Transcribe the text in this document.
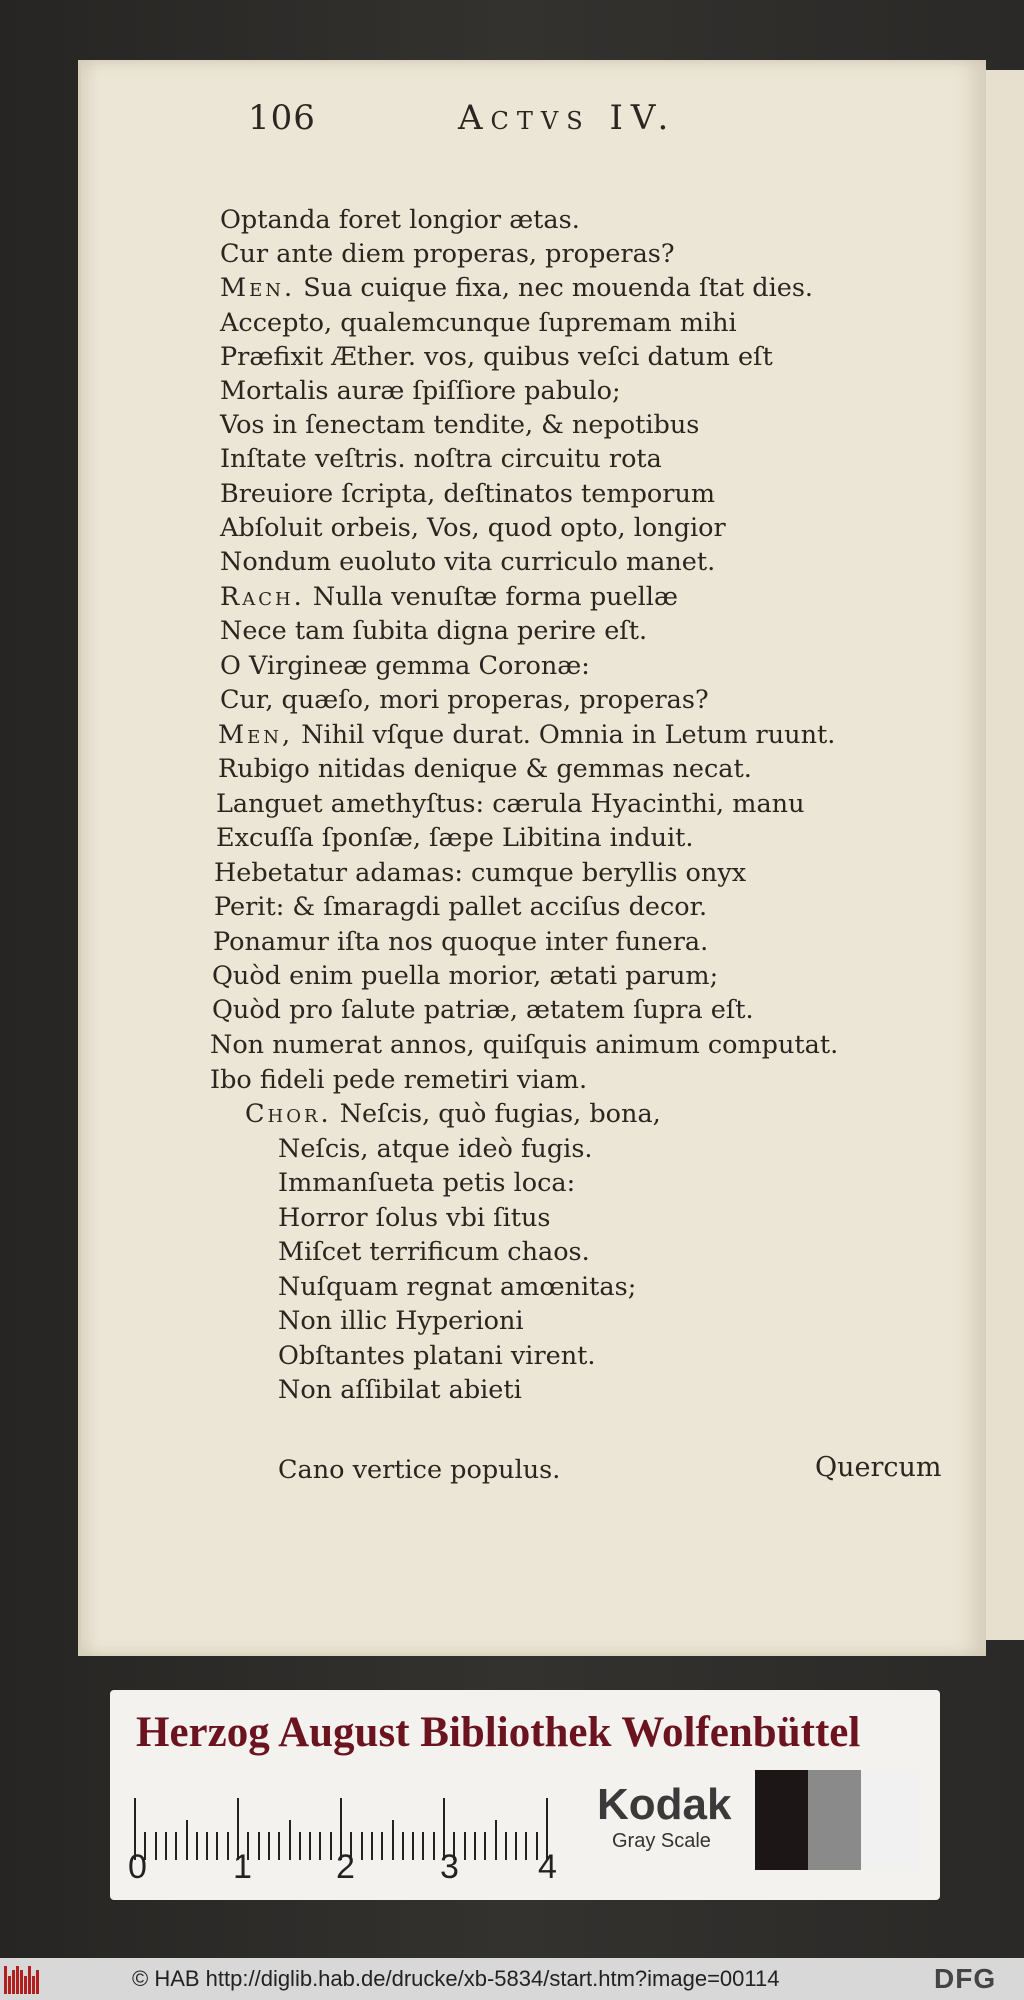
106	Actvs IV.
Optanda foret longior ætas.
Cur ante diem properas, properas?
Men. Sua cuique fixa, nec mouenda ſtat dies.
Accepto, qualemcunque ſupremam mihi
Præfixit Æther. vos, quibus veſci datum eſt
Mortalis auræ ſpiſſiore pabulo;
Vos in ſenectam tendite, & nepotibus
Inſtate veſtris. noſtra circuitu rota
Breuiore ſcripta, deſtinatos temporum
Abſoluit orbeis, Vos, quod opto, longior
Nondum euoluto vita curriculo manet.
Rach. Nulla venuſtæ forma puellæ
Nece tam ſubita digna perire eſt.
O Virgineæ gemma Coronæ:
Cur, quæſo, mori properas, properas?
Men, Nihil vſque durat. Omnia in Letum ruunt.
Rubigo nitidas denique & gemmas necat.
Languet amethyſtus: cærula Hyacinthi, manu
Excuſſa ſponſæ, ſæpe Libitina induit.
Hebetatur adamas: cumque beryllis onyx
Perit: & ſmaragdi pallet acciſus decor.
Ponamur iſta nos quoque inter funera.
Quòd enim puella morior, ætati parum;
Quòd pro ſalute patriæ, ætatem ſupra eſt.
Non numerat annos, quiſquis animum computat.
Ibo fideli pede remetiri viam.
Chor. Neſcis, quò fugias, bona,
Neſcis, atque ideò fugis.
Immanſueta petis loca:
Horror ſolus vbi ſitus
Miſcet terrificum chaos.
Nuſquam regnat amœnitas;
Non illic Hyperioni
Obſtantes platani virent.
Non aſſibilat abieti
Cano vertice populus.	Quercum
Herzog August Bibliothek Wolfenbüttel
0	1 2	3 4
Kodak
Gray Scale
© HAB http://diglib.hab.de/drucke/xb-5834/start.htm?image=00114	DFG
